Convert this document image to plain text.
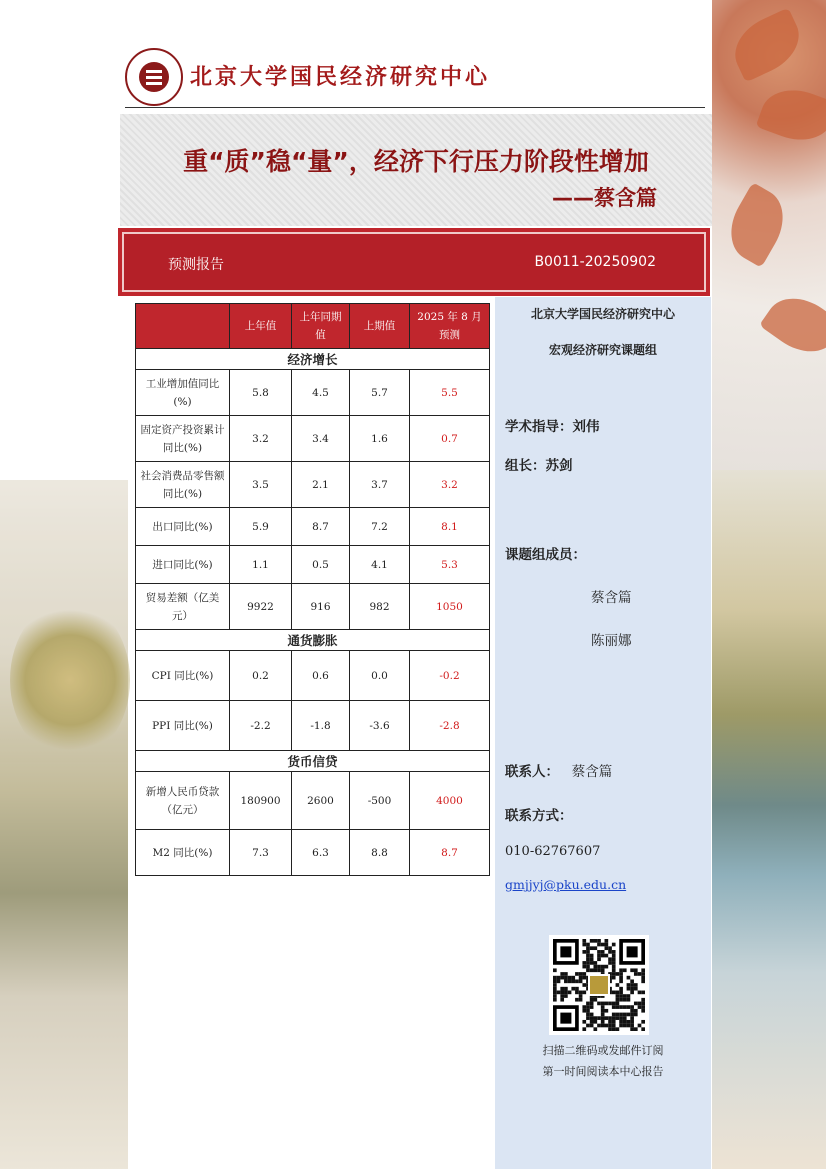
北京大学国民经济研究中心
重“质”稳“量”，经济下行压力阶段性增加
——蔡含篇
预测报告	B0011-20250902
	上年值	上年同期值	上期值	2025 年 8 月预测
经济增长				
工业增加值同比(%)	5.8	4.5	5.7	5.5
固定资产投资累计同比(%)	3.2	3.4	1.6	0.7
社会消费品零售额同比(%)	3.5	2.1	3.7	3.2
出口同比(%)	5.9	8.7	7.2	8.1
进口同比(%)	1.1	0.5	4.1	5.3
贸易差额（亿美元）	9922	916	982	1050
通货膨胀				
CPI 同比(%)	0.2	0.6	0.0	-0.2
PPI 同比(%)	-2.2	-1.8	-3.6	-2.8
货币信贷				
新增人民币贷款（亿元）	180900	2600	-500	4000
M2 同比(%)	7.3	6.3	8.8	8.7
北京大学国民经济研究中心
宏观经济研究课题组
学术指导：刘伟
组长：苏剑
课题组成员：
蔡含篇
陈丽娜
联系人： 蔡含篇
联系方式：
010-62767607
gmjjyj@pku.edu.cn
扫描二维码或发邮件订阅
第一时间阅读本中心报告
